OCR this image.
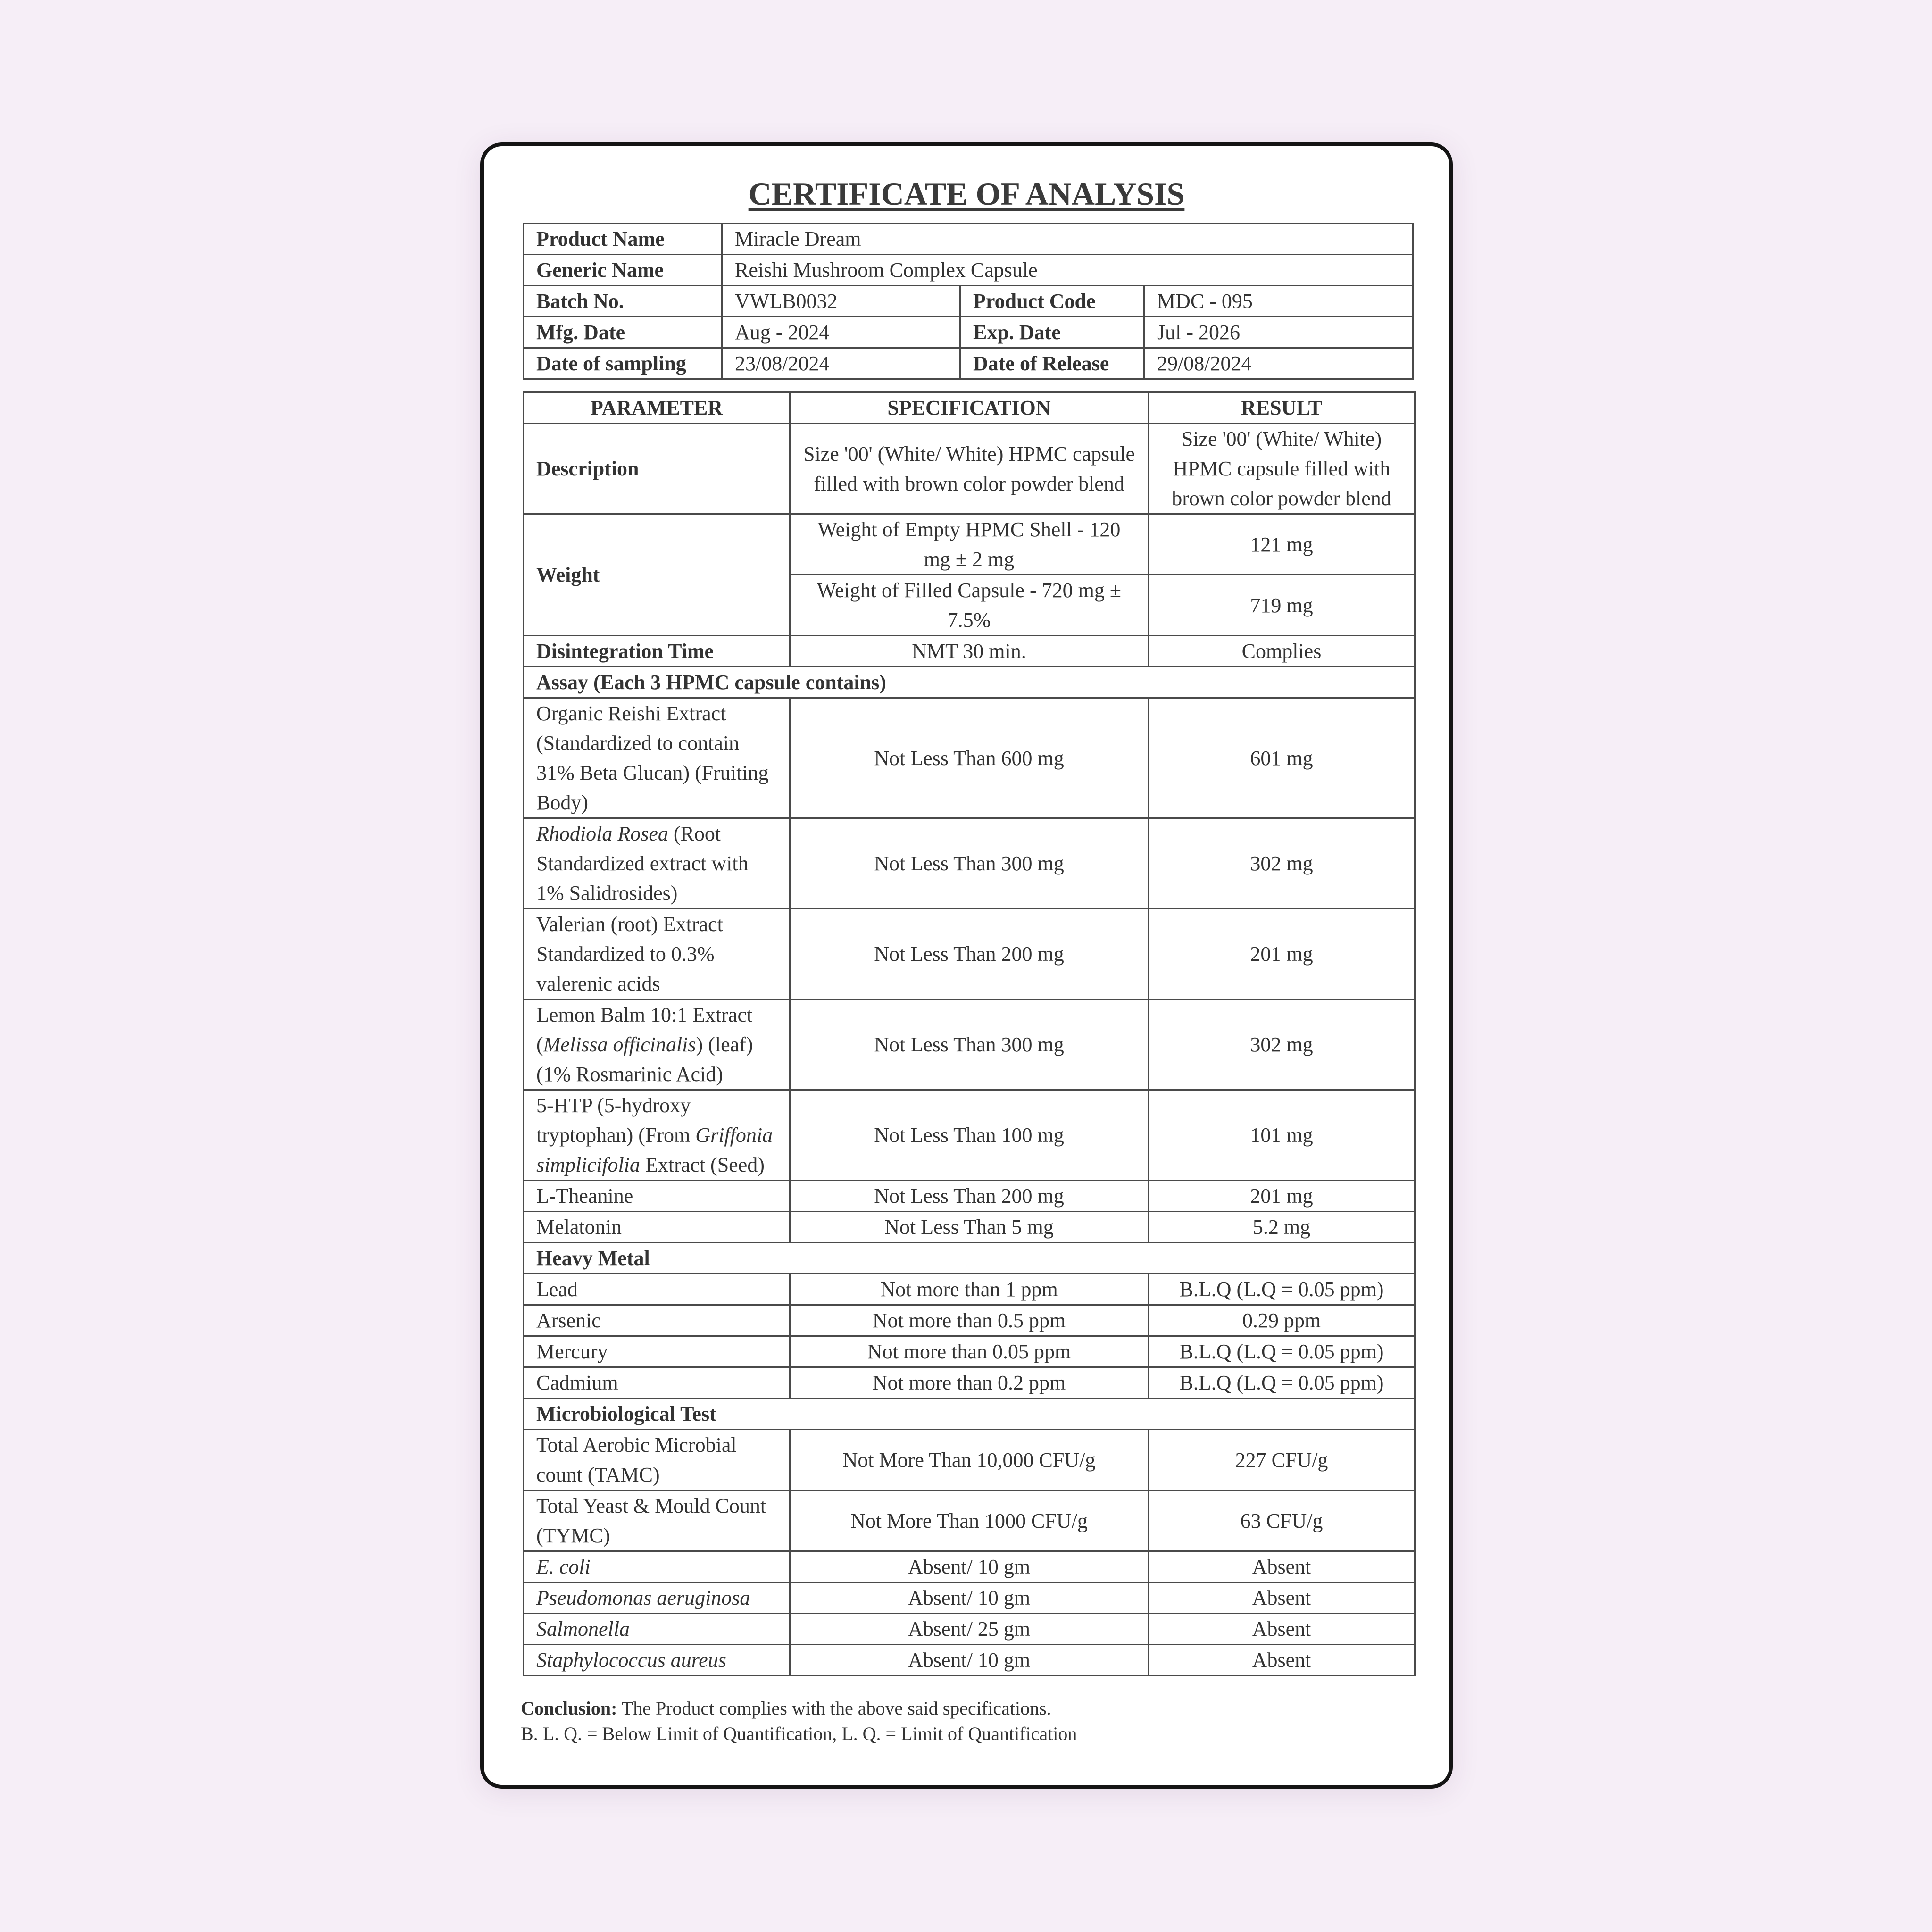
CERTIFICATE OF ANALYSIS
Product Name	Miracle Dream		
Generic Name	Reishi Mushroom Complex Capsule		
Batch No.	VWLB0032	Product Code	MDC - 095
Mfg. Date	Aug - 2024	Exp. Date	Jul - 2026
Date of sampling	23/08/2024	Date of Release	29/08/2024
PARAMETER	SPECIFICATION	RESULT
Description	Size '00' (White/ White) HPMC capsule filled with brown color powder blend	Size '00' (White/ White) HPMC capsule filled with brown color powder blend
Weight	Weight of Empty HPMC Shell - 120 mg ± 2 mg	121 mg
	Weight of Filled Capsule - 720 mg ± 7.5%	719 mg
Disintegration Time	NMT 30 min.	Complies
Assay (Each 3 HPMC capsule contains)		
Organic Reishi Extract (Standardized to contain 31% Beta Glucan) (Fruiting Body)	Not Less Than 600 mg	601 mg
Rhodiola Rosea (Root Standardized extract with 1% Salidrosides)	Not Less Than 300 mg	302 mg
Valerian (root) Extract Standardized to 0.3% valerenic acids	Not Less Than 200 mg	201 mg
Lemon Balm 10:1 Extract (Melissa officinalis) (leaf) (1% Rosmarinic Acid)	Not Less Than 300 mg	302 mg
5-HTP (5-hydroxy tryptophan) (From Griffonia simplicifolia Extract (Seed)	Not Less Than 100 mg	101 mg
L-Theanine	Not Less Than 200 mg	201 mg
Melatonin	Not Less Than 5 mg	5.2 mg
Heavy Metal		
Lead	Not more than 1 ppm	B.L.Q (L.Q = 0.05 ppm)
Arsenic	Not more than 0.5 ppm	0.29 ppm
Mercury	Not more than 0.05 ppm	B.L.Q (L.Q = 0.05 ppm)
Cadmium	Not more than 0.2 ppm	B.L.Q (L.Q = 0.05 ppm)
Microbiological Test		
Total Aerobic Microbial count (TAMC)	Not More Than 10,000 CFU/g	227 CFU/g
Total Yeast & Mould Count (TYMC)	Not More Than 1000 CFU/g	63 CFU/g
E. coli	Absent/ 10 gm	Absent
Pseudomonas aeruginosa	Absent/ 10 gm	Absent
Salmonella	Absent/ 25 gm	Absent
Staphylococcus aureus	Absent/ 10 gm	Absent
Conclusion: The Product complies with the above said specifications.
B. L. Q. = Below Limit of Quantification, L. Q. = Limit of Quantification
